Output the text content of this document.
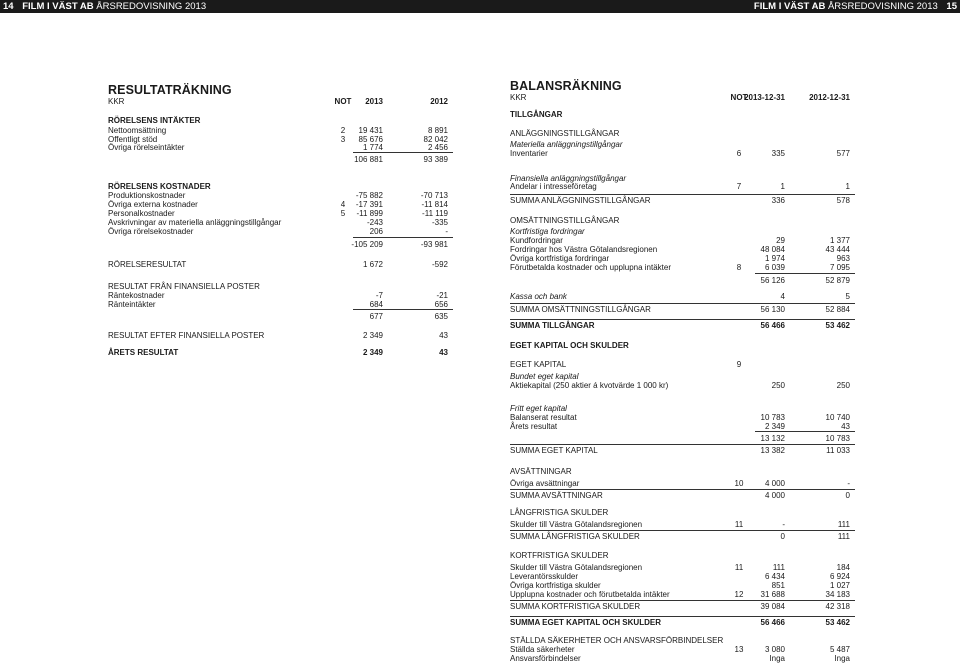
14 FILM I VÄST AB ÅRSREDOVISNING 2013	FILM I VÄST AB ÅRSREDOVISNING 2013 15
RESULTATRÄKNING
KKR	NOT 2013	2012
RÖRELSENS INTÄKTER
Nettoomsättning	2	19 431	8 891
Offentligt stöd	3	85 676	82 042
Övriga rörelseintäkter	1 774	2 456
106 881	93 389
RÖRELSENS KOSTNADER
Produktionskostnader	-75 882	-70 713
Övriga externa kostnader	4	-17 391	-11 814
Personalkostnader	5	-11 899	-11 119
Avskrivningar av materiella anläggningstillgångar	-243	-335
Övriga rörelsekostnader	206	-
-105 209	-93 981
RÖRELSERESULTAT	1 672	-592
RESULTAT FRÅN FINANSIELLA POSTER
Räntekostnader	-7	-21
Ränteintäkter	684	656
677	635
RESULTAT EFTER FINANSIELLA POSTER	2 349	43
ÅRETS RESULTAT	2 349	43
BALANSRÄKNING
KKR	NOT
2013-12-31	2012-12-31
TILLGÅNGAR
ANLÄGGNINGSTILLGÅNGAR
Materiella anläggningstillgångar
Inventarier	6	335	577
Finansiella anläggningstillgångar
Andelar i intresseföretag	7	1	1
SUMMA ANLÄGGNINGSTILLGÅNGAR	336	578
OMSÄTTNINGSTILLGÅNGAR
Kortfristiga fordringar
Kundfordringar	29	1 377
Fordringar hos Västra Götalandsregionen	48 084	43 444
Övriga kortfristiga fordringar	1 974	963
Förutbetalda kostnader och upplupna intäkter	8	6 039	7 095
56 126	52 879
Kassa och bank	4	5
SUMMA OMSÄTTNINGSTILLGÅNGAR	56 130	52 884
SUMMA TILLGÅNGAR	56 466	53 462
EGET KAPITAL OCH SKULDER
EGET KAPITAL	9
Bundet eget kapital
Aktiekapital (250 aktier á kvotvärde 1 000 kr)	250	250
Fritt eget kapital
Balanserat resultat	10 783	10 740
Årets resultat	2 349	43
13 132	10 783
SUMMA EGET KAPITAL	13 382	11 033
AVSÄTTNINGAR
Övriga avsättningar	10	4 000	-
SUMMA AVSÄTTNINGAR	4 000	0
LÅNGFRISTIGA SKULDER
Skulder till Västra Götalandsregionen	11	-	111
SUMMA LÅNGFRISTIGA SKULDER	0	111
KORTFRISTIGA SKULDER
Skulder till Västra Götalandsregionen	11	111	184
Leverantörsskulder	6 434	6 924
Övriga kortfristiga skulder	851	1 027
Upplupna kostnader och förutbetalda intäkter	12	31 688	34 183
SUMMA KORTFRISTIGA SKULDER	39 084	42 318
SUMMA EGET KAPITAL OCH SKULDER	56 466	53 462
STÄLLDA SÄKERHETER OCH ANSVARSFÖRBINDELSER
Ställda säkerheter	13	3 080	5 487
Ansvarsförbindelser	Inga	Inga
